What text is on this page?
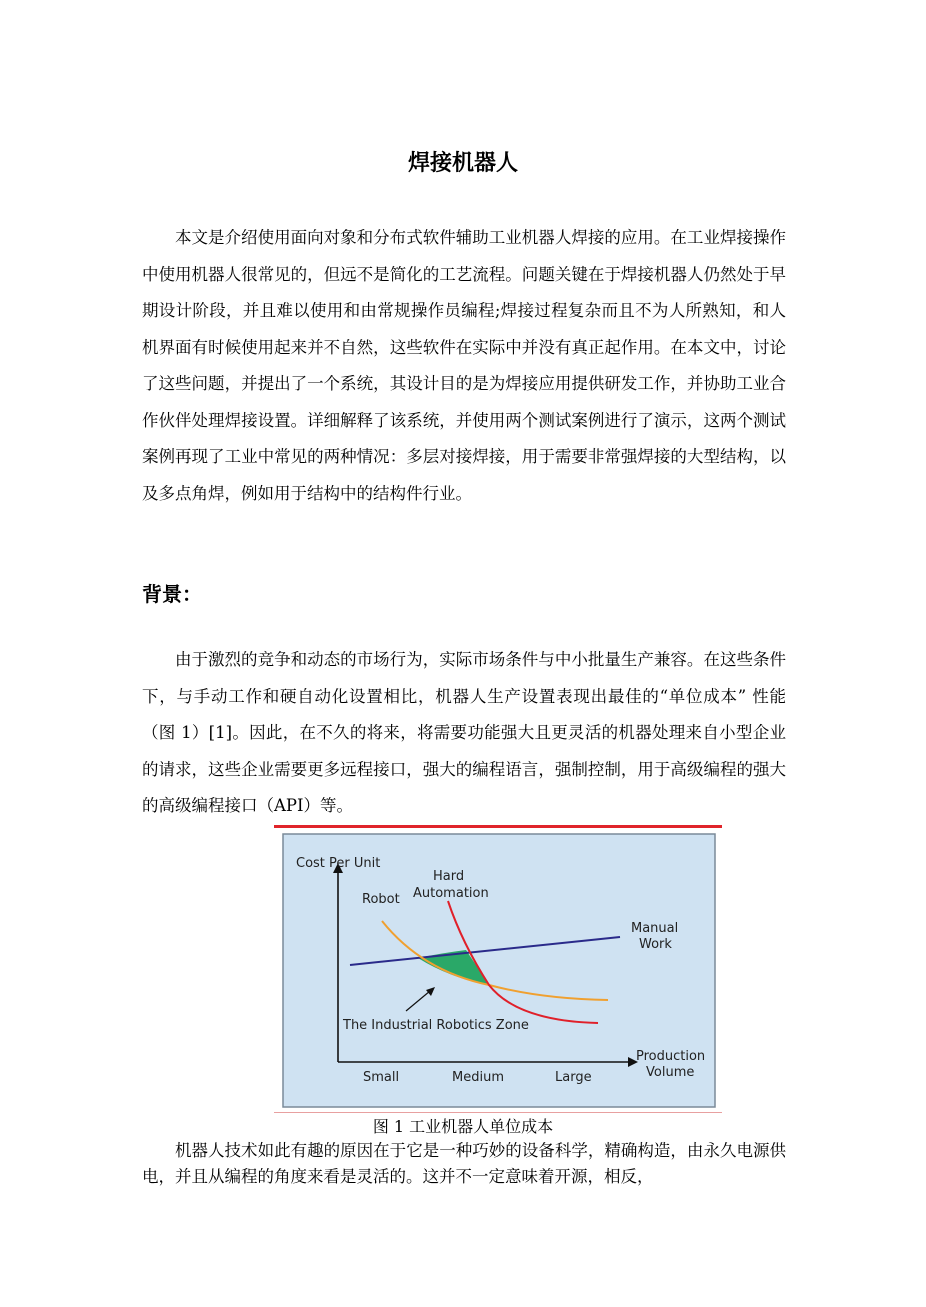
焊接机器人

本文是介绍使用面向对象和分布式软件辅助工业机器人焊接的应用。在工业焊接操作中使用机器人很常见的，但远不是简化的工艺流程。问题关键在于焊接机器人仍然处于早期设计阶段，并且难以使用和由常规操作员编程;焊接过程复杂而且不为人所熟知，和人机界面有时候使用起来并不自然，这些软件在实际中并没有真正起作用。在本文中，讨论了这些问题，并提出了一个系统，其设计目的是为焊接应用提供研发工作，并协助工业合作伙伴处理焊接设置。详细解释了该系统，并使用两个测试案例进行了演示，这两个测试案例再现了工业中常见的两种情况：多层对接焊接，用于需要非常强焊接的大型结构，以及多点角焊，例如用于结构中的结构件行业。

背景：

由于激烈的竞争和动态的市场行为，实际市场条件与中小批量生产兼容。在这些条件下，与手动工作和硬自动化设置相比，机器人生产设置表现出最佳的“单位成本” 性能（图 1）[1]。因此，在不久的将来，将需要功能强大且更灵活的机器处理来自小型企业的请求，这些企业需要更多远程接口，强大的编程语言，强制控制，用于高级编程的强大的高级编程接口（API）等。

Cost Per Unit
Robot
Hard
Automation
Manual
Work
The Industrial Robotics Zone
Small	Medium	Large
Production
Volume
图 1 工业机器人单位成本

机器人技术如此有趣的原因在于它是一种巧妙的设备科学，精确构造，由永久电源供电，并且从编程的角度来看是灵活的。这并不一定意味着开源，相反，
